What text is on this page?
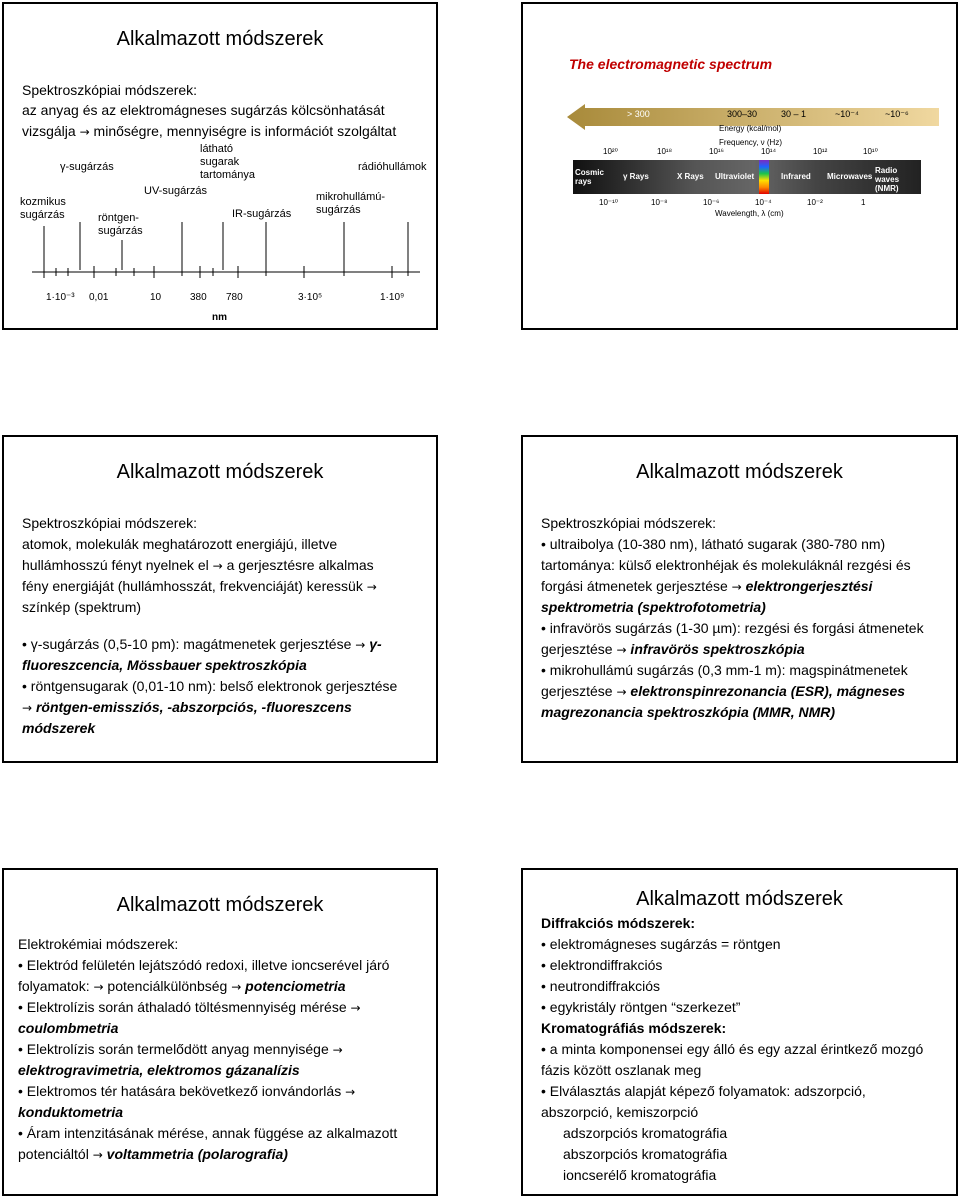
Alkalmazott módszerek
Spektroszkópiai módszerek:
az anyag és az elektromágneses sugárzás kölcsönhatását
vizsgálja → minőségre, mennyiségre is információt szolgáltat
kozmikus sugárzás
γ-sugárzás
röntgen-sugárzás
UV-sugárzás
látható sugarak tartománya
IR-sugárzás
mikrohullámú-sugárzás
rádióhullámok
1·10⁻³ 0,01	10	380 780	3·10⁵	1·10⁹
nm
The electromagnetic spectrum
> 300	300–30	30 – 1	~10⁻⁴	~10⁻⁶
Energy (kcal/mol)
Frequency, ν (Hz)
10²⁰	10¹⁸	10¹⁶	10¹⁴	10¹²	10¹⁰
Cosmic rays
γ Rays	X Rays Ultraviolet	Infrared Microwaves
Radio waves (NMR)
10⁻¹⁰	10⁻⁸	10⁻⁶	10⁻⁴	10⁻²	1
Wavelength, λ (cm)
Alkalmazott módszerek
Spektroszkópiai módszerek:
atomok, molekulák meghatározott energiájú, illetve
hullámhosszú fényt nyelnek el → a gerjesztésre alkalmas
fény energiáját (hullámhosszát, frekvenciáját) keressük →
színkép (spektrum)
• γ-sugárzás (0,5-10 pm): magátmenetek gerjesztése → γ-
fluoreszcencia, Mössbauer spektroszkópia
• röntgensugarak (0,01-10 nm): belső elektronok gerjesztése
→ röntgen-emissziós, -abszorpciós, -fluoreszcens
módszerek
Alkalmazott módszerek
Spektroszkópiai módszerek:
• ultraibolya (10-380 nm), látható sugarak (380-780 nm)
tartománya: külső elektronhéjak és molekuláknál rezgési és
forgási átmenetek gerjesztése → elektrongerjesztési
spektrometria (spektrofotometria)
• infravörös sugárzás (1-30 µm): rezgési és forgási átmenetek
gerjesztése → infravörös spektroszkópia
• mikrohullámú sugárzás (0,3 mm-1 m): magspinátmenetek
gerjesztése → elektronspinrezonancia (ESR), mágneses
magrezonancia spektroszkópia (MMR, NMR)
Alkalmazott módszerek
Elektrokémiai módszerek:
• Elektród felületén lejátszódó redoxi, illetve ioncserével járó
folyamatok: → potenciálkülönbség → potenciometria
• Elektrolízis során áthaladó töltésmennyiség mérése →
coulombmetria
• Elektrolízis során termelődött anyag mennyisége →
elektrogravimetria, elektromos gázanalízis
• Elektromos tér hatására bekövetkező ionvándorlás →
konduktometria
• Áram intenzitásának mérése, annak függése az alkalmazott
potenciáltól → voltammetria (polarografia)
Alkalmazott módszerek
Diffrakciós módszerek:
• elektromágneses sugárzás = röntgen
• elektrondiffrakciós
• neutrondiffrakciós
• egykristály röntgen “szerkezet”
Kromatográfiás módszerek:
• a minta komponensei egy álló és egy azzal érintkező mozgó
fázis között oszlanak meg
• Elválasztás alapját képező folyamatok: adszorpció,
abszorpció, kemiszorpció
adszorpciós kromatográfia
abszorpciós kromatográfia
ioncserélő kromatográfia
